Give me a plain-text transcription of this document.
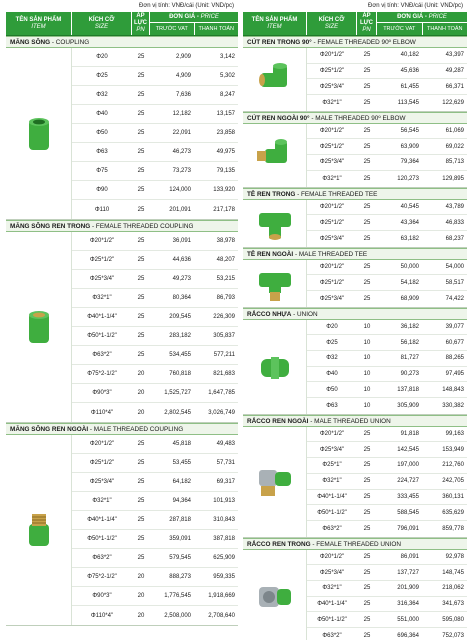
Đơn vị tính: VNĐ/cái (Unit: VND/pc)
TÊN SẢN PHẨM
ITEM
KÍCH CỠ
SIZE
ÁP LỰC
PN
ĐƠN GIÁ - PRICE
TRƯỚC VAT	THANH TOÁN
MĂNG SÔNG - COUPLING
Φ20	25	2,909	3,142
Φ25	25	4,909	5,302
Φ32	25	7,636	8,247
Φ40	25	12,182	13,157
Φ50	25	22,091	23,858
Φ63	25	46,273	49,975
Φ75	25	73,273	79,135
Φ90	25	124,000	133,920
Φ110	25	201,091	217,178
MĂNG SÔNG REN TRONG - FEMALE THREADED COUPLING
Φ20*1/2"	25	36,091	38,978
Φ25*1/2"	25	44,636	48,207
Φ25*3/4"	25	49,273	53,215
Φ32*1"	25	80,364	86,793
Φ40*1-1/4"	25	209,545	226,309
Φ50*1-1/2"	25	283,182	305,837
Φ63*2"	25	534,455	577,211
Φ75*2-1/2"	20	760,818	821,683
Φ90*3"	20	1,525,727	1,647,785
Φ110*4"	20	2,802,545	3,026,749
MĂNG SÔNG REN NGOÀI - MALE THREADED COUPLING
Φ20*1/2"	25	45,818	49,483
Φ25*1/2"	25	53,455	57,731
Φ25*3/4"	25	64,182	69,317
Φ32*1"	25	94,364	101,913
Φ40*1-1/4"	25	287,818	310,843
Φ50*1-1/2"	25	359,091	387,818
Φ63*2"	25	579,545	625,909
Φ75*2-1/2"	20	888,273	959,335
Φ90*3"	20	1,776,545	1,918,669
Φ110*4"	20	2,508,000	2,708,640
Đơn vị tính: VNĐ/cái (Unit: VND/pc)
TÊN SẢN PHẨM
ITEM
KÍCH CỠ
SIZE
ÁP LỰC
PN
ĐƠN GIÁ - PRICE
TRƯỚC VAT	THANH TOÁN
CÚT REN TRONG 90° - FEMALE THREADED 90º ELBOW
Φ20*1/2"	25	40,182	43,397
Φ25*1/2"	25	45,636	49,287
Φ25*3/4"	25	61,455	66,371
Φ32*1"	25	113,545	122,629
CÚT REN NGOÀI 90° - MALE THREADED 90º ELBOW
Φ20*1/2"	25	56,545	61,069
Φ25*1/2"	25	63,909	69,022
Φ25*3/4"	25	79,364	85,713
Φ32*1"	25	120,273	129,895
TÊ REN TRONG - FEMALE THREADED TEE
Φ20*1/2"	25	40,545	43,789
Φ25*1/2"	25	43,364	46,833
Φ25*3/4"	25	63,182	68,237
TÊ REN NGOÀI - MALE THREADED TEE
Φ20*1/2"	25	50,000	54,000
Φ25*1/2"	25	54,182	58,517
Φ25*3/4"	25	68,909	74,422
RẮCCO NHỰA - UNION
Φ20	10	36,182	39,077
Φ25	10	56,182	60,677
Φ32	10	81,727	88,265
Φ40	10	90,273	97,495
Φ50	10	137,818	148,843
Φ63	10	305,909	330,382
RẮCCO REN NGOÀI - MALE THREADED UNION
Φ20*1/2"	25	91,818	99,163
Φ25*3/4"	25	142,545	153,949
Φ25*1"	25	197,000	212,760
Φ32*1"	25	224,727	242,705
Φ40*1-1/4"	25	333,455	360,131
Φ50*1-1/2"	25	588,545	635,629
Φ63*2"	25	796,091	859,778
RẮCCO REN TRONG - FEMALE THREADED UNION
Φ20*1/2"	25	86,091	92,978
Φ25*3/4"	25	137,727	148,745
Φ32*1"	25	201,909	218,062
Φ40*1-1/4"	25	316,364	341,673
Φ50*1-1/2"	25	551,000	595,080
Φ63*2"	25	696,364	752,073
